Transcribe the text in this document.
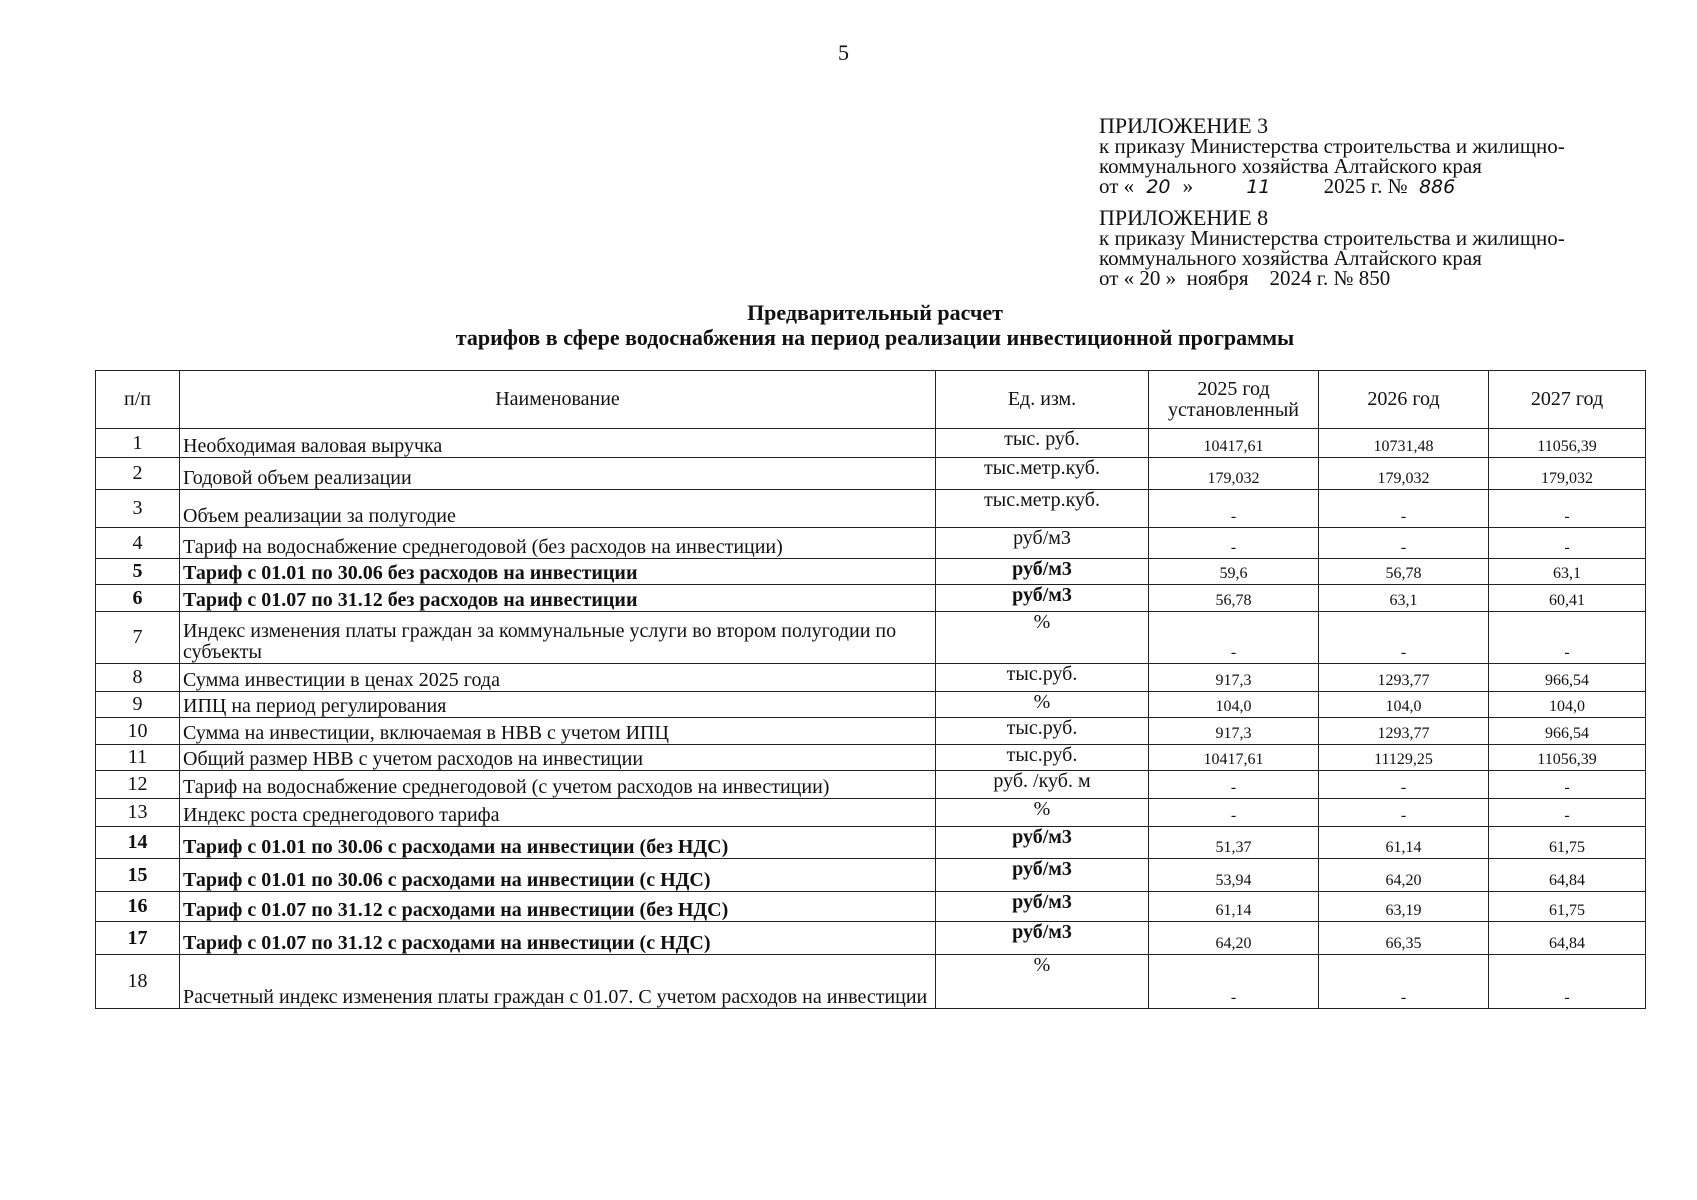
5
ПРИЛОЖЕНИЕ 3
к приказу Министерства строительства и жилищно-
коммунального хозяйства Алтайского края
от « 20 »	11	2025 г. № 886
ПРИЛОЖЕНИЕ 8
к приказу Министерства строительства и жилищно-
коммунального хозяйства Алтайского края
от « 20 »  ноября    2024 г. № 850
Предварительный расчет
тарифов в сфере водоснабжения на период реализации инвестиционной программы
п/п	Наименование	Ед. изм.	2025 год установленный	2026 год	2027 год
1	Необходимая валовая выручка	тыс. руб.	10417,61	10731,48	11056,39
2	Годовой объем реализации	тыс.метр.куб.	179,032	179,032	179,032
3	Объем реализации за полугодие	тыс.метр.куб.	-	-	-
4	Тариф на водоснабжение среднегодовой (без расходов на инвестиции)	руб/м3	-	-	-
5	Тариф с 01.01 по 30.06 без расходов на инвестиции	руб/м3	59,6	56,78	63,1
6	Тариф с 01.07 по 31.12 без расходов на инвестиции	руб/м3	56,78	63,1	60,41
7	Индекс изменения платы граждан за коммунальные услуги во втором полугодии по субъекты	%	-	-	-
8	Сумма инвестиции в ценах 2025 года	тыс.руб.	917,3	1293,77	966,54
9	ИПЦ на период регулирования	%	104,0	104,0	104,0
10	Сумма на инвестиции, включаемая в НВВ с учетом ИПЦ	тыс.руб.	917,3	1293,77	966,54
11	Общий размер НВВ с учетом расходов на инвестиции	тыс.руб.	10417,61	11129,25	11056,39
12	Тариф на водоснабжение среднегодовой (с учетом расходов на инвестиции)	руб. /куб. м	-	-	-
13	Индекс роста среднегодового тарифа	%	-	-	-
14	Тариф с 01.01 по 30.06 с расходами на инвестиции (без НДС)	руб/м3	51,37	61,14	61,75
15	Тариф с 01.01 по 30.06 с расходами на инвестиции (с НДС)	руб/м3	53,94	64,20	64,84
16	Тариф с 01.07 по 31.12 с расходами на инвестиции (без НДС)	руб/м3	61,14	63,19	61,75
17	Тариф с 01.07 по 31.12 с расходами на инвестиции (с НДС)	руб/м3	64,20	66,35	64,84
18	Расчетный индекс изменения платы граждан с 01.07. С учетом расходов на инвестиции	%	-	-	-
